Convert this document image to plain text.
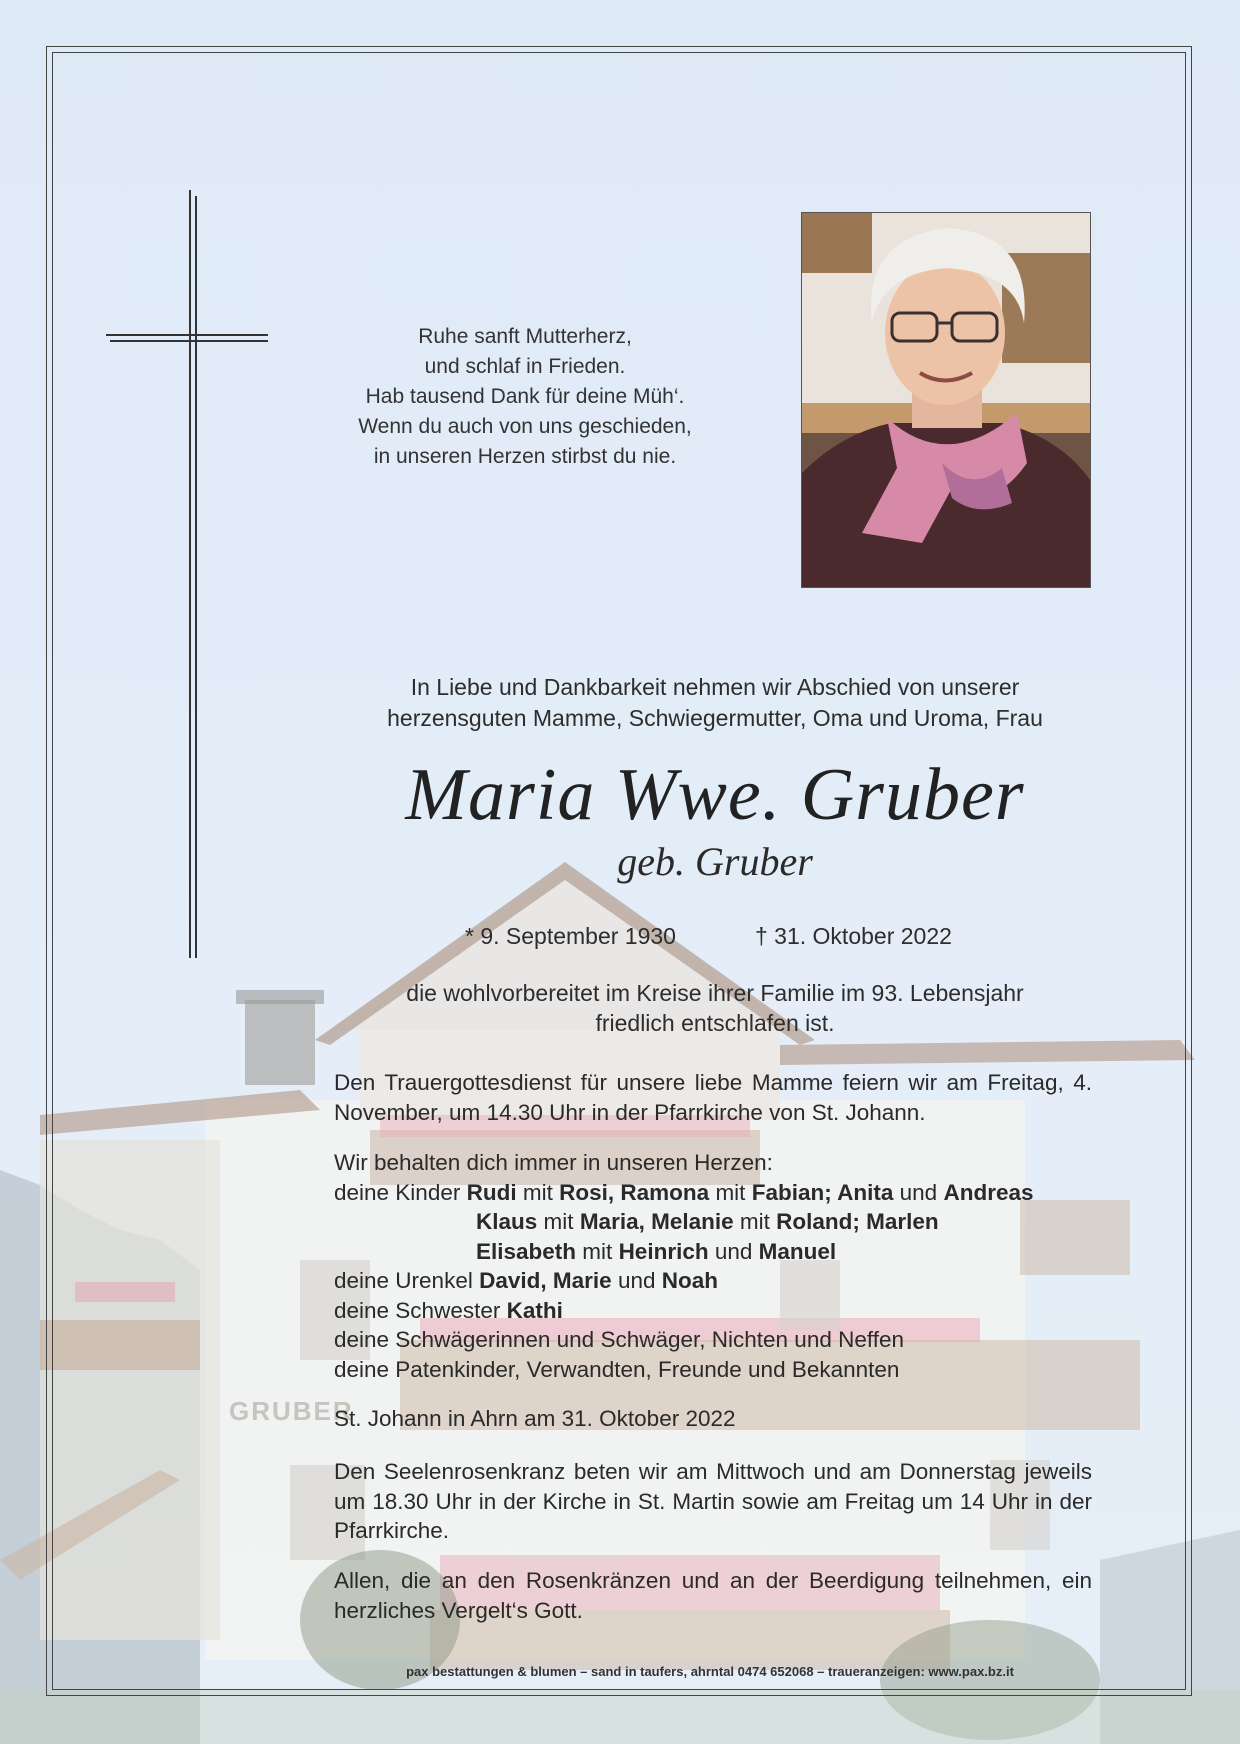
GRUBER
Ruhe sanft Mutterherz,
und schlaf in Frieden.
Hab tausend Dank für deine Müh‘.
Wenn du auch von uns geschieden,
in unseren Herzen stirbst du nie.
In Liebe und Dankbarkeit nehmen wir Abschied von unserer
herzensguten Mamme, Schwiegermutter, Oma und Uroma, Frau
Maria Wwe. Gruber
geb. Gruber
* 9. September 1930	† 31. Oktober 2022
die wohlvorbereitet im Kreise ihrer Familie im 93. Lebensjahr
friedlich entschlafen ist.
Den Trauergottesdienst für unsere liebe Mamme feiern wir am Freitag, 4. November, um 14.30 Uhr in der Pfarrkirche von St. Johann.
Wir behalten dich immer in unseren Herzen:
deine Kinder Rudi mit Rosi, Ramona mit Fabian; Anita und Andreas
Klaus mit Maria, Melanie mit Roland; Marlen
Elisabeth mit Heinrich und Manuel
deine Urenkel David, Marie und Noah
deine Schwester Kathi
deine Schwägerinnen und Schwäger, Nichten und Neffen
deine Patenkinder, Verwandten, Freunde und Bekannten
St. Johann in Ahrn am 31. Oktober 2022
Den Seelenrosenkranz beten wir am Mittwoch und am Donnerstag jeweils um 18.30 Uhr in der Kirche in St. Martin sowie am Freitag um 14 Uhr in der Pfarrkirche.
Allen, die an den Rosenkränzen und an der Beerdigung teilnehmen, ein herzliches Vergelt‘s Gott.
pax bestattungen & blumen – sand in taufers, ahrntal 0474 652068 – traueranzeigen: www.pax.bz.it
